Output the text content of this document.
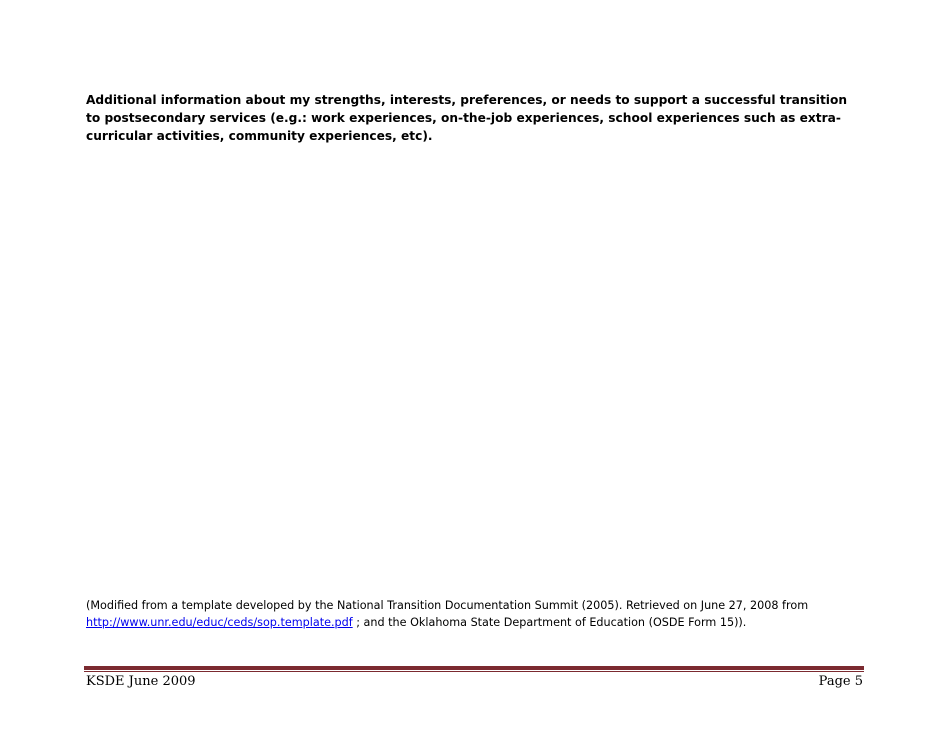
Additional information about my strengths, interests, preferences, or needs to support a successful transition to postsecondary services (e.g.: work experiences, on-the-job experiences, school experiences such as extra-curricular activities, community experiences, etc).

(Modified from a template developed by the National Transition Documentation Summit (2005). Retrieved on June 27, 2008 from http://www.unr.edu/educ/ceds/sop.template.pdf ; and the Oklahoma State Department of Education (OSDE Form 15)).

KSDE June 2009	Page 5
